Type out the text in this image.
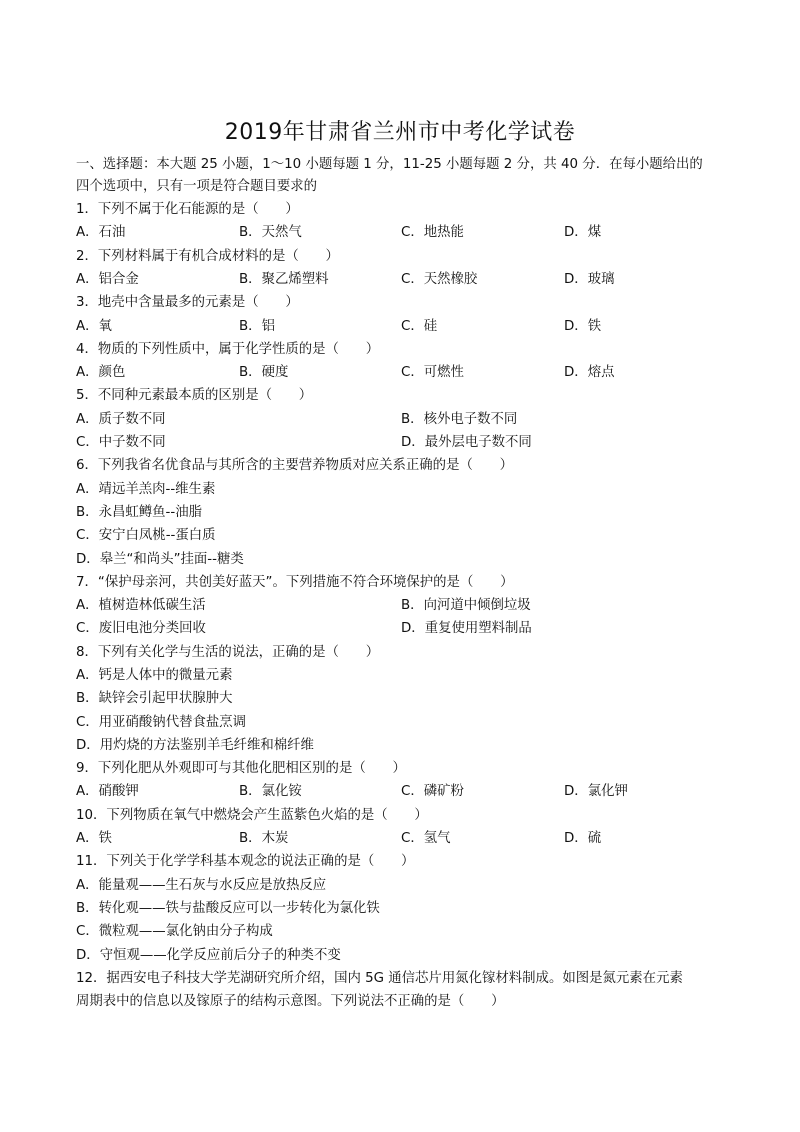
2019年甘肃省兰州市中考化学试卷
一、选择题：本大题 25 小题，1～10 小题每题 1 分，11-25 小题每题 2 分，共 40 分．在每小题给出的
四个选项中，只有一项是符合题目要求的
1．下列不属于化石能源的是（　　）
A．石油	B．天然气	C．地热能	D．煤
2．下列材料属于有机合成材料的是（　　）
A．铝合金	B．聚乙烯塑料	C．天然橡胶	D．玻璃
3．地壳中含量最多的元素是（　　）
A．氧	B．铝	C．硅	D．铁
4．物质的下列性质中，属于化学性质的是（　　）
A．颜色	B．硬度	C．可燃性	D．熔点
5．不同种元素最本质的区别是（　　）
A．质子数不同	B．核外电子数不同
C．中子数不同	D．最外层电子数不同
6．下列我省名优食品与其所含的主要营养物质对应关系正确的是（　　）
A．靖远羊羔肉--维生素
B．永昌虹鳟鱼--油脂
C．安宁白凤桃--蛋白质
D．皋兰“和尚头”挂面--糖类
7．“保护母亲河，共创美好蓝天”。下列措施不符合环境保护的是（　　）
A．植树造林低碳生活	B．向河道中倾倒垃圾
C．废旧电池分类回收	D．重复使用塑料制品
8．下列有关化学与生活的说法，正确的是（　　）
A．钙是人体中的微量元素
B．缺锌会引起甲状腺肿大
C．用亚硝酸钠代替食盐烹调
D．用灼烧的方法鉴别羊毛纤维和棉纤维
9．下列化肥从外观即可与其他化肥相区别的是（　　）
A．硝酸钾	B．氯化铵	C．磷矿粉	D．氯化钾
10．下列物质在氧气中燃烧会产生蓝紫色火焰的是（　　）
A．铁	B．木炭	C．氢气	D．硫
11．下列关于化学学科基本观念的说法正确的是（　　）
A．能量观——生石灰与水反应是放热反应
B．转化观——铁与盐酸反应可以一步转化为氯化铁
C．微粒观——氯化钠由分子构成
D．守恒观——化学反应前后分子的种类不变
12．据西安电子科技大学芜湖研究所介绍，国内 5G 通信芯片用氮化镓材料制成。如图是氮元素在元素
周期表中的信息以及镓原子的结构示意图。下列说法不正确的是（　　）
